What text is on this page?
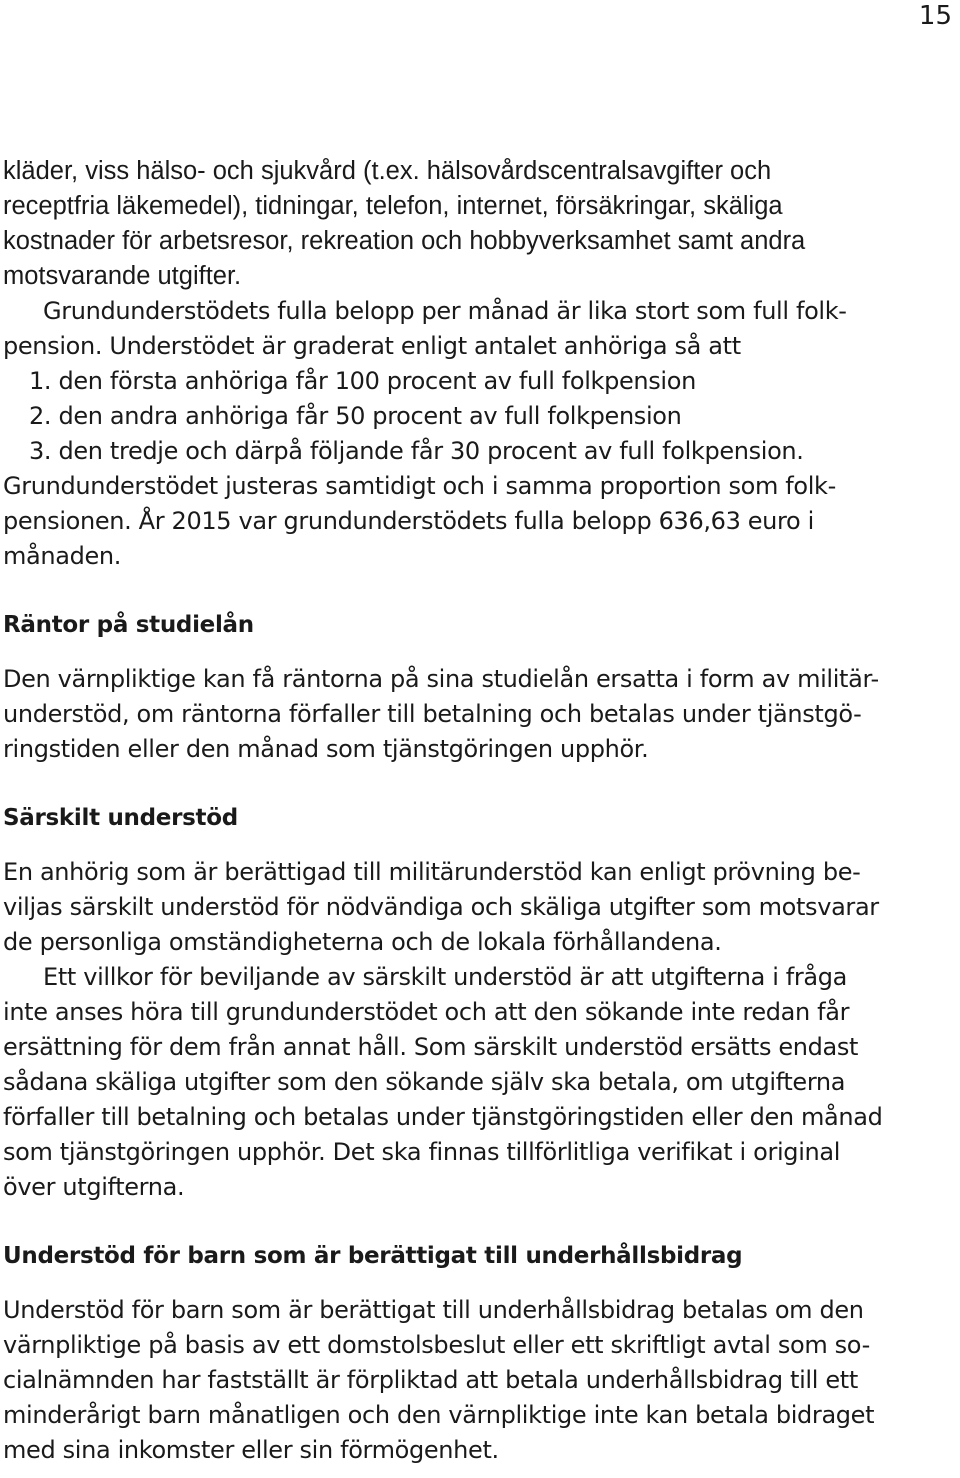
15
kläder, viss hälso- och sjukvård (t.ex. hälsovårdscentralsavgifter och
receptfria läkemedel), tidningar, telefon, internet, försäkringar, skäliga
kostnader för arbetsresor, rekreation och hobbyverksamhet samt andra
motsvarande utgifter.
Grundunderstödets fulla belopp per månad är lika stort som full folk-
pension. Understödet är graderat enligt antalet anhöriga så att
1. den första anhöriga får 100 procent av full folkpension
2. den andra anhöriga får 50 procent av full folkpension
3. den tredje och därpå följande får 30 procent av full folkpension.
Grundunderstödet justeras samtidigt och i samma proportion som folk-
pensionen. År 2015 var grundunderstödets fulla belopp 636,63 euro i
månaden.
Räntor på studielån
Den värnpliktige kan få räntorna på sina studielån ersatta i form av militär-
understöd, om räntorna förfaller till betalning och betalas under tjänstgö-
ringstiden eller den månad som tjänstgöringen upphör.
Särskilt understöd
En anhörig som är berättigad till militärunderstöd kan enligt prövning be-
viljas särskilt understöd för nödvändiga och skäliga utgifter som motsvarar
de personliga omständigheterna och de lokala förhållandena.
Ett villkor för beviljande av särskilt understöd är att utgifterna i fråga
inte anses höra till grundunderstödet och att den sökande inte redan får
ersättning för dem från annat håll. Som särskilt understöd ersätts endast
sådana skäliga utgifter som den sökande själv ska betala, om utgifterna
förfaller till betalning och betalas under tjänstgöringstiden eller den månad
som tjänstgöringen upphör. Det ska finnas tillförlitliga verifikat i original
över utgifterna.
Understöd för barn som är berättigat till underhållsbidrag
Understöd för barn som är berättigat till underhållsbidrag betalas om den
värnpliktige på basis av ett domstolsbeslut eller ett skriftligt avtal som so-
cialnämnden har fastställt är förpliktad att betala underhållsbidrag till ett
minderårigt barn månatligen och den värnpliktige inte kan betala bidraget
med sina inkomster eller sin förmögenhet.
